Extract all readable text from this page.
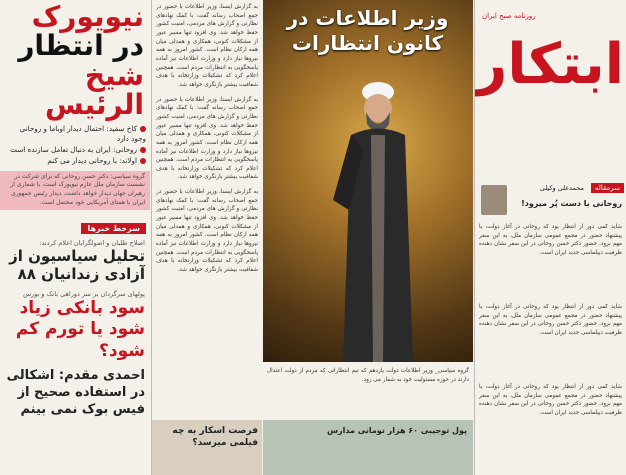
نیویورک
در انتظار
شیخ الرئیس
کاخ سفید: احتمال دیدار اوباما و روحانی وجود دارد
روحانی: ایران به دنبال تعامل سازنده است
اولاند: با روحانی دیدار می کنم
گروه سیاسی: دکتر حسن روحانی که برای شرکت در نشست سازمان ملل عازم نیویورک است، با شماری از رهبران جهان دیدار خواهد داشت. دیدار رئیس جمهوری ایران با همتای آمریکایی خود محتمل است.
سرخط خبرها
اصلاح طلبان و اصولگرایان اعلام کردند:
تحلیل سیاسیون از آزادی زندانیان ۸۸
پولهای سرگردان بر سر دوراهی بانک و بورس
سود بانکی زیاد شود یا تورم کم شود؟
احمدی مقدم: اشکالی در استفاده صحیح از فیس بوک نمی بینم
به گزارش ایسنا، وزیر اطلاعات با حضور در جمع اصحاب رسانه گفت: با کمک نهادهای نظارتی و گزارش های مردمی، امنیت کشور حفظ خواهد شد. وی افزود تنها مسیر عبور از مشکلات کنونی، همکاری و همدلی میان همه ارکان نظام است. کشور امروز به همه نیروها نیاز دارد و وزارت اطلاعات نیز آماده پاسخگویی به انتظارات مردم است. همچنین اعلام کرد که تشکیلات وزارتخانه با هدف شفافیت بیشتر بازنگری خواهد شد.
به گزارش ایسنا، وزیر اطلاعات با حضور در جمع اصحاب رسانه گفت: با کمک نهادهای نظارتی و گزارش های مردمی، امنیت کشور حفظ خواهد شد. وی افزود تنها مسیر عبور از مشکلات کنونی، همکاری و همدلی میان همه ارکان نظام است. کشور امروز به همه نیروها نیاز دارد و وزارت اطلاعات نیز آماده پاسخگویی به انتظارات مردم است. همچنین اعلام کرد که تشکیلات وزارتخانه با هدف شفافیت بیشتر بازنگری خواهد شد.
به گزارش ایسنا، وزیر اطلاعات با حضور در جمع اصحاب رسانه گفت: با کمک نهادهای نظارتی و گزارش های مردمی، امنیت کشور حفظ خواهد شد. وی افزود تنها مسیر عبور از مشکلات کنونی، همکاری و همدلی میان همه ارکان نظام است. کشور امروز به همه نیروها نیاز دارد و وزارت اطلاعات نیز آماده پاسخگویی به انتظارات مردم است. همچنین اعلام کرد که تشکیلات وزارتخانه با هدف شفافیت بیشتر بازنگری خواهد شد.
فرصت اسکار به چه فیلمی میرسد؟
وزیر اطلاعات در کانون انتظارات
گروه سیاسی_ وزیر اطلاعات دولت یازدهم که تیم انتظاراتی که مردم از دولت اعتدال دارند در حوزه مسئولیت خود به شمار می رود.
پول توجیبی ۶۰ هزار تومانی مدارس
روزنامه صبح ایران
ابتکار
سرمقاله
محمدعلی وکیلی
روحانی با دست پُر میرود!
شاید کمی دور از انتظار بود که روحانی در آغاز دولت، با پیشنهاد حضور در مجمع عمومی سازمان ملل، به این سفر مهم برود. حضور دکتر حسن روحانی در این سفر نشان دهنده ظرفیت دیپلماسی جدید ایران است.
شاید کمی دور از انتظار بود که روحانی در آغاز دولت، با پیشنهاد حضور در مجمع عمومی سازمان ملل، به این سفر مهم برود. حضور دکتر حسن روحانی در این سفر نشان دهنده ظرفیت دیپلماسی جدید ایران است.
شاید کمی دور از انتظار بود که روحانی در آغاز دولت، با پیشنهاد حضور در مجمع عمومی سازمان ملل، به این سفر مهم برود. حضور دکتر حسن روحانی در این سفر نشان دهنده ظرفیت دیپلماسی جدید ایران است.
